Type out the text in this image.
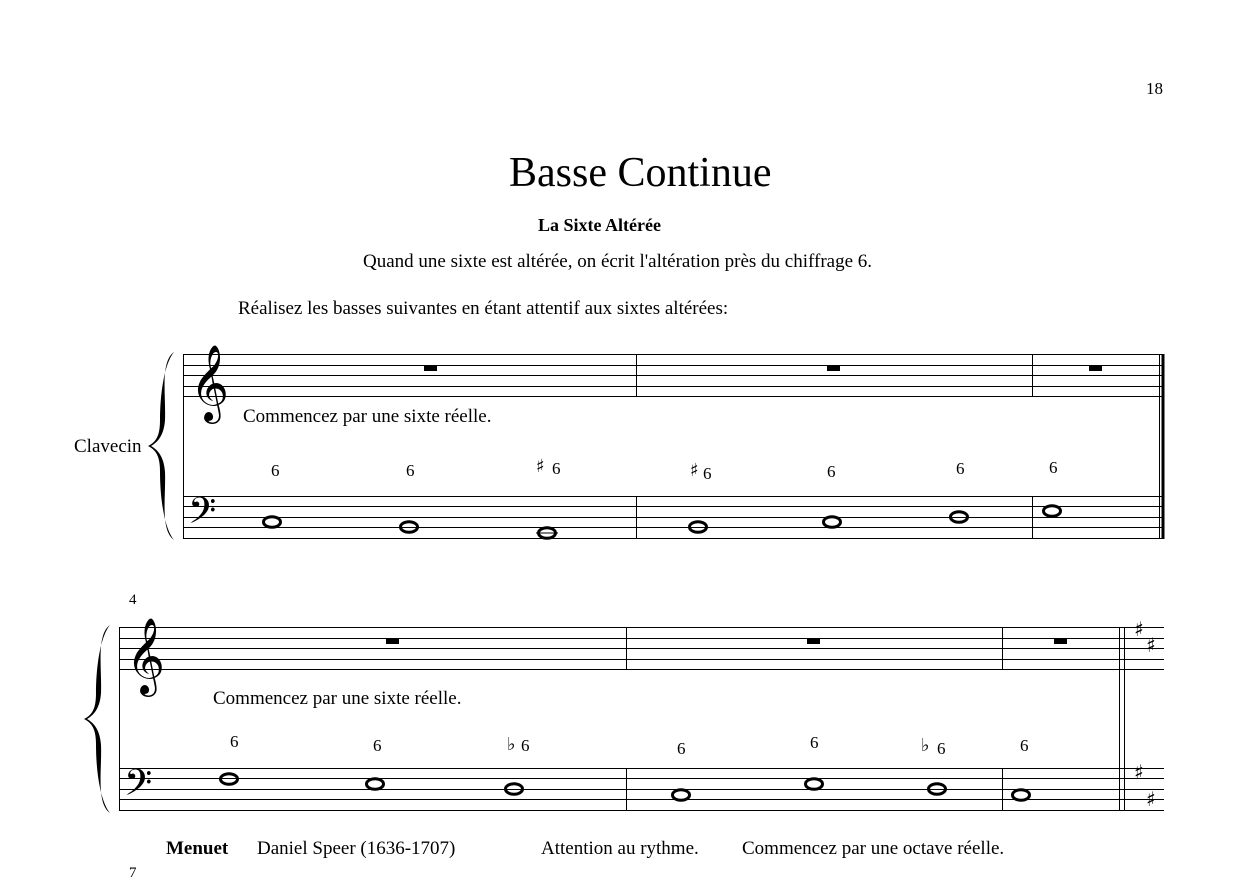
18
Basse Continue
La Sixte Altérée
Quand une sixte est altérée, on écrit l'altération près du chiffrage 6.
Réalisez les basses suivantes en étant attentif aux sixtes altérées:
𝄞
𝄢
𝄞
𝄢
♯
♯
♯
♯
6	6	♯ 6	♯ 6	6	6	6
6	6	♭ 6	6	6	♭ 6	6
Clavecin
Commencez par une sixte réelle.
4
Commencez par une sixte réelle.
Menuet Daniel Speer (1636-1707)	Attention au rythme. Commencez par une octave réelle.
7
